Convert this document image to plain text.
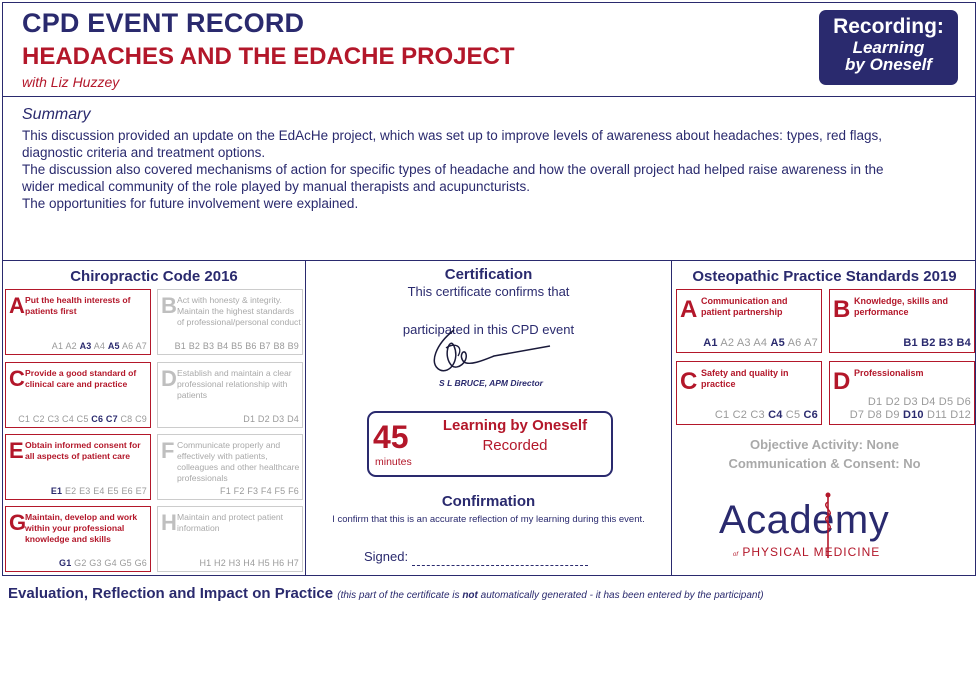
CPD EVENT RECORD
HEADACHES AND THE EDACHE PROJECT
with Liz Huzzey
Recording:
Learning
by Oneself
Summary
This discussion provided an update on the EdAcHe project, which was set up to improve levels of awareness about headaches: types, red flags,
diagnostic criteria and treatment options.
The discussion also covered mechanisms of action for specific types of headache and how the overall project had helped raise awareness in the
wider medical community of the role played by manual therapists and acupuncturists.
The opportunities for future involvement were explained.
Chiropractic Code 2016
A Put the health interests of patients first
A1 A2 A3 A4 A5 A6 A7
B Act with honesty & integrity. Maintain the highest standards of professional/personal conduct
B1 B2 B3 B4 B5 B6 B7 B8 B9
C Provide a good standard of clinical care and practice
C1 C2 C3 C4 C5 C6 C7 C8 C9
D Establish and maintain a clear professional relationship with patients
D1 D2 D3 D4
E Obtain informed consent for all aspects of patient care
E1 E2 E3 E4 E5 E6 E7
F Communicate properly and effectively with patients, colleagues and other healthcare professionals
F1 F2 F3 F4 F5 F6
G
Maintain, develop and work within your professional knowledge and skills
G1 G2 G3 G4 G5 G6
H Maintain and protect patient information
H1 H2 H3 H4 H5 H6 H7
Certification
This certificate confirms that
participated in this CPD event
S L BRUCE, APM Director
45
minutes
Learning by Oneself
Recorded
Confirmation
I confirm that this is an accurate reflection of my learning during this event.
Signed:
Osteopathic Practice Standards 2019
A Communication and patient partnership
A1 A2 A3 A4 A5 A6 A7
B Knowledge, skills and performance
B1 B2 B3 B4
C Safety and quality in practice
C1 C2 C3 C4 C5 C6
D Professionalism
D1 D2 D3 D4 D5 D6
D7 D8 D9 D10 D11 D12
Objective Activity: None
Communication & Consent: No
Academy
of PHYSICAL MEDICINE
Evaluation, Reflection and Impact on Practice (this part of the certificate is not automatically generated - it has been entered by the participant)
